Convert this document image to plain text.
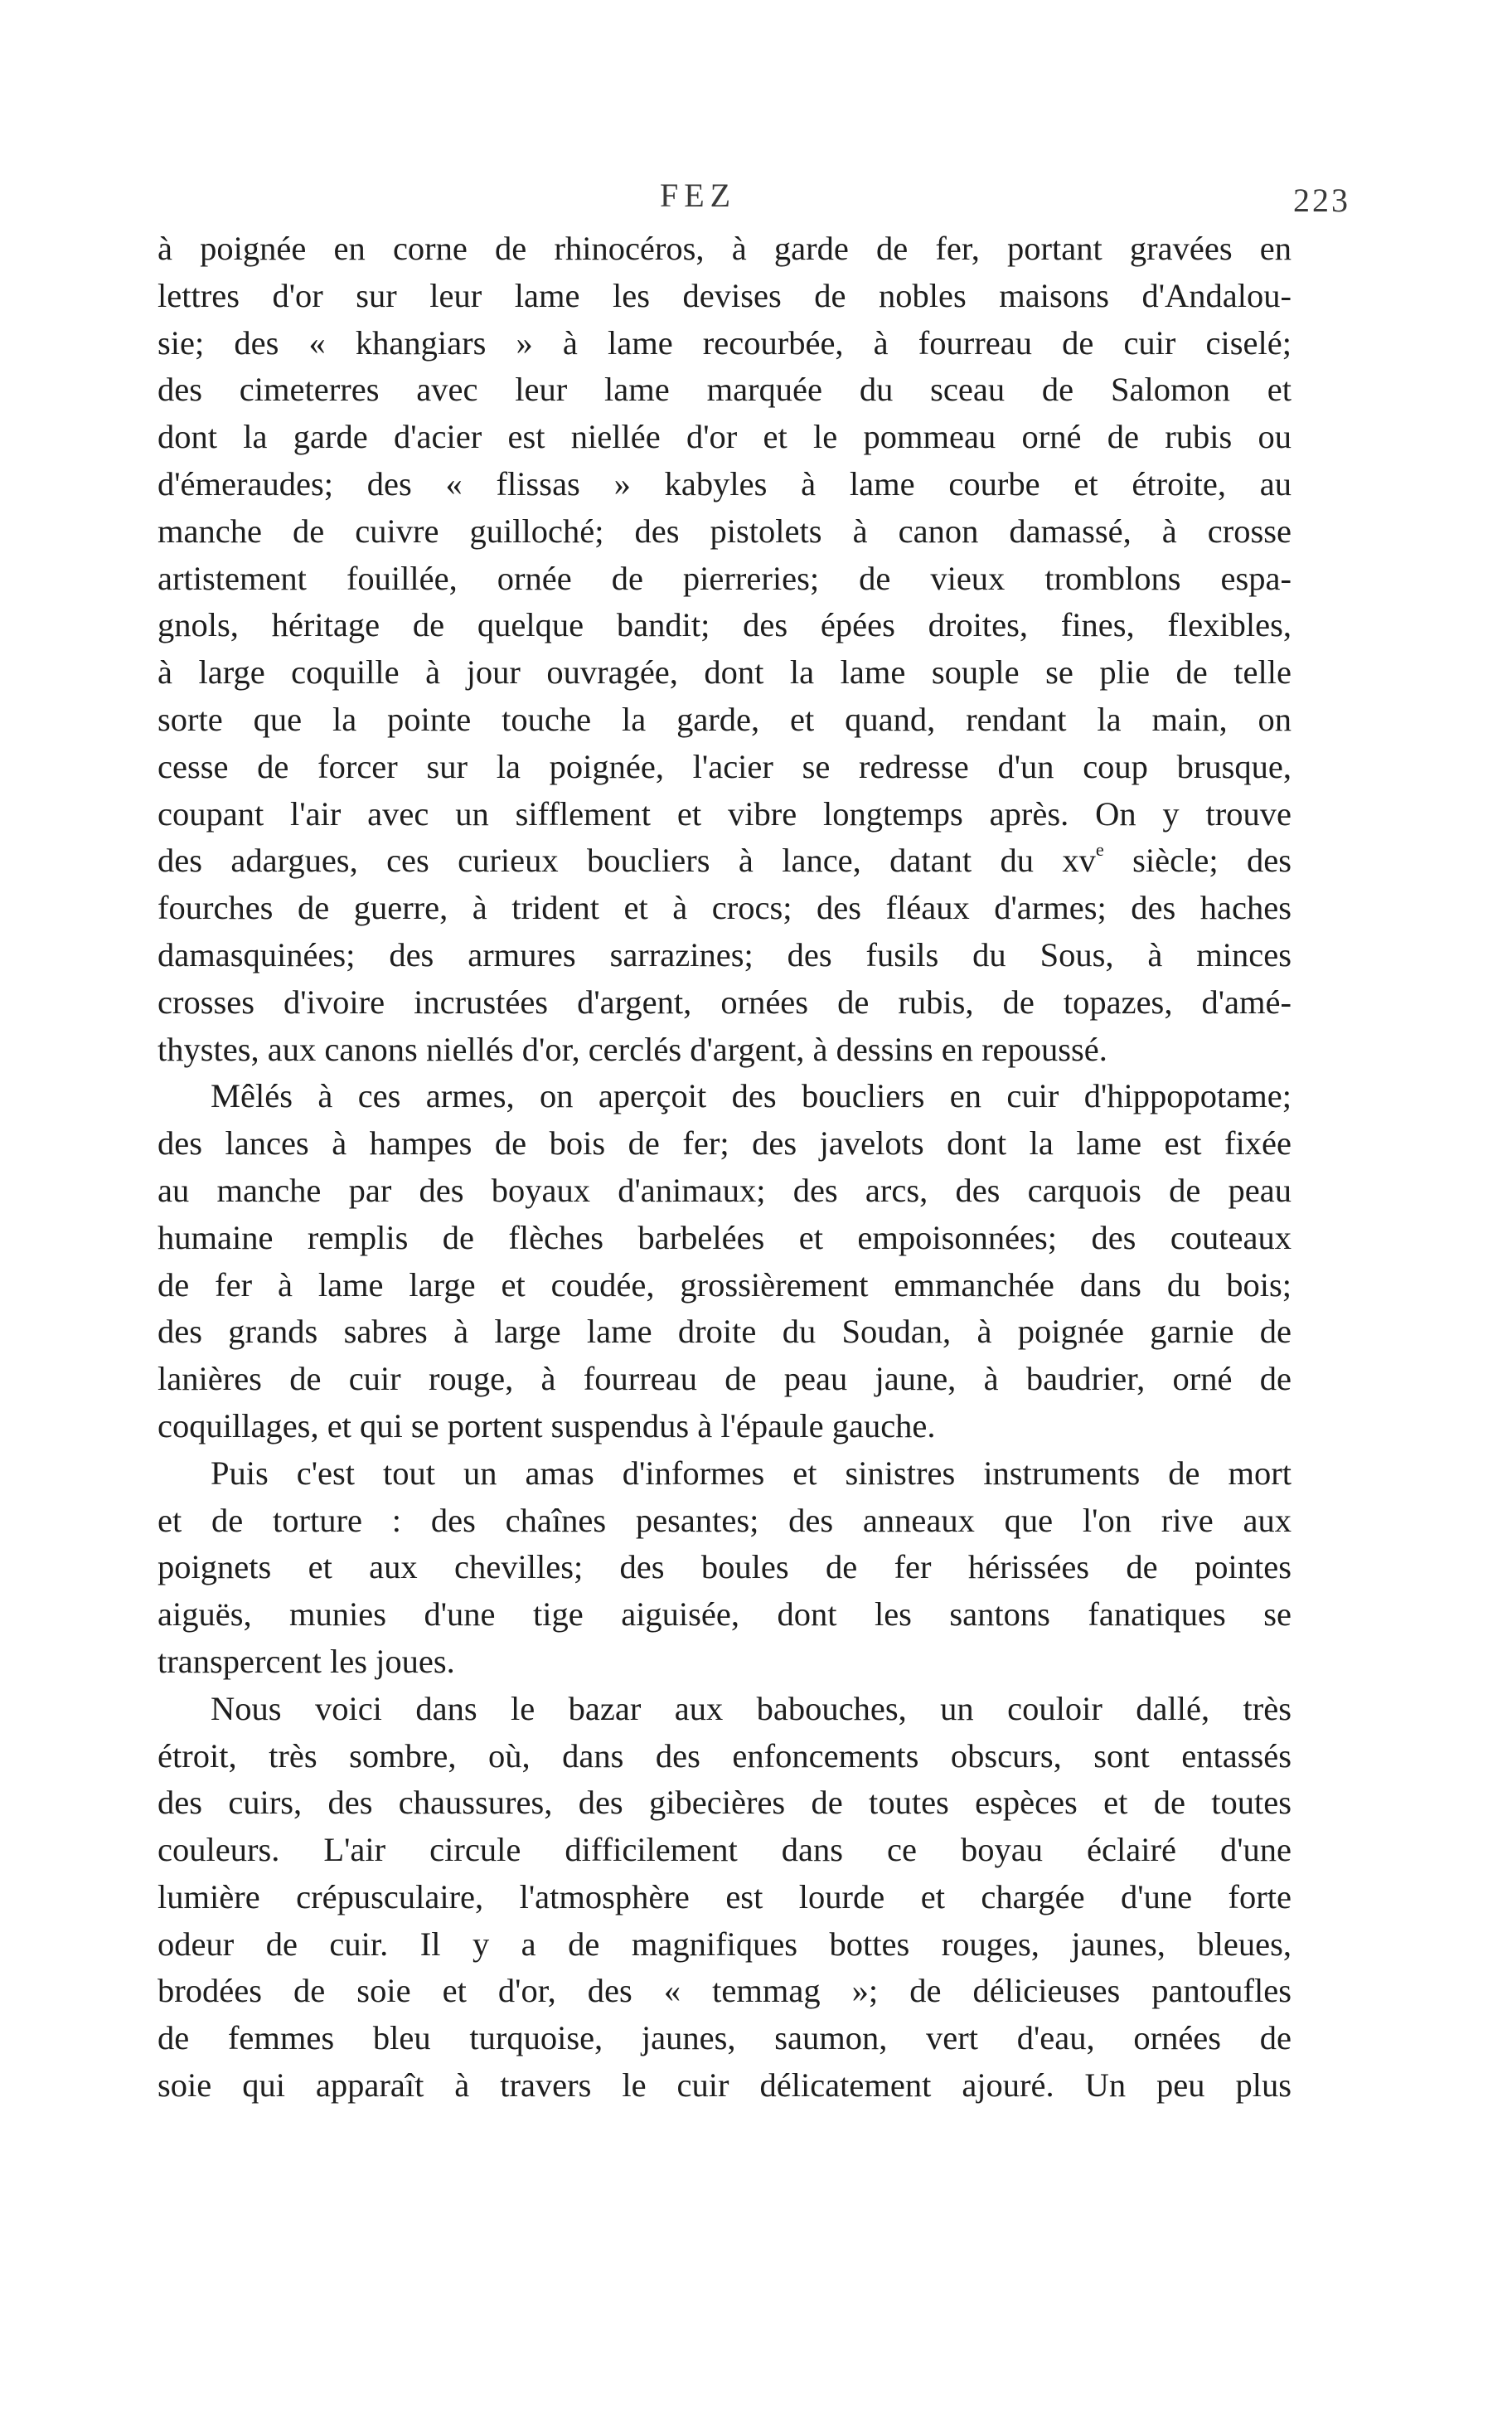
FEZ	223
à poignée en corne de rhinocéros, à garde de fer, portant gravées en
lettres d'or sur leur lame les devises de nobles maisons d'Andalou-
sie; des « khangiars » à lame recourbée, à fourreau de cuir ciselé;
des cimeterres avec leur lame marquée du sceau de Salomon et
dont la garde d'acier est niellée d'or et le pommeau orné de rubis ou
d'émeraudes; des « flissas » kabyles à lame courbe et étroite, au
manche de cuivre guilloché; des pistolets à canon damassé, à crosse
artistement fouillée, ornée de pierreries; de vieux tromblons espa-
gnols, héritage de quelque bandit; des épées droites, fines, flexibles,
à large coquille à jour ouvragée, dont la lame souple se plie de telle
sorte que la pointe touche la garde, et quand, rendant la main, on
cesse de forcer sur la poignée, l'acier se redresse d'un coup brusque,
coupant l'air avec un sifflement et vibre longtemps après. On y trouve
des adargues, ces curieux boucliers à lance, datant du $xv^e$ siècle; des
fourches de guerre, à trident et à crocs; des fléaux d'armes; des haches
damasquinées; des armures sarrazines; des fusils du Sous, à minces
crosses d'ivoire incrustées d'argent, ornées de rubis, de topazes, d'amé-
thystes, aux canons niellés d'or, cerclés d'argent, à dessins en repoussé.
Mêlés à ces armes, on aperçoit des boucliers en cuir d'hippopotame;
des lances à hampes de bois de fer; des javelots dont la lame est fixée
au manche par des boyaux d'animaux; des arcs, des carquois de peau
humaine remplis de flèches barbelées et empoisonnées; des couteaux
de fer à lame large et coudée, grossièrement emmanchée dans du bois;
des grands sabres à large lame droite du Soudan, à poignée garnie de
lanières de cuir rouge, à fourreau de peau jaune, à baudrier, orné de
coquillages, et qui se portent suspendus à l'épaule gauche.
Puis c'est tout un amas d'informes et sinistres instruments de mort
et de torture : des chaînes pesantes; des anneaux que l'on rive aux
poignets et aux chevilles; des boules de fer hérissées de pointes
aiguës, munies d'une tige aiguisée, dont les santons fanatiques se
transpercent les joues.
Nous voici dans le bazar aux babouches, un couloir dallé, très
étroit, très sombre, où, dans des enfoncements obscurs, sont entassés
des cuirs, des chaussures, des gibecières de toutes espèces et de toutes
couleurs. L'air circule difficilement dans ce boyau éclairé d'une
lumière crépusculaire, l'atmosphère est lourde et chargée d'une forte
odeur de cuir. Il y a de magnifiques bottes rouges, jaunes, bleues,
brodées de soie et d'or, des « temmag »; de délicieuses pantoufles
de femmes bleu turquoise, jaunes, saumon, vert d'eau, ornées de
soie qui apparaît à travers le cuir délicatement ajouré. Un peu plus
